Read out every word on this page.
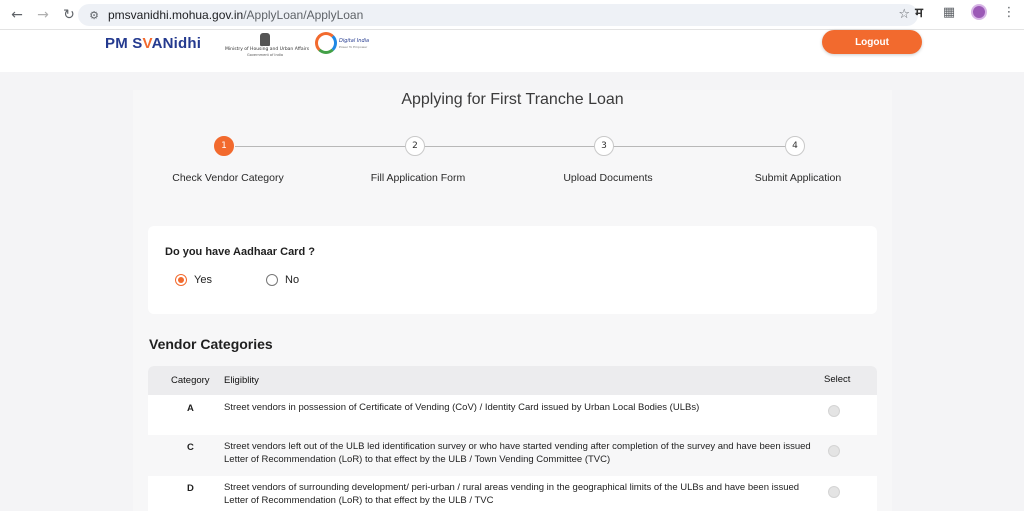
←	→	↻	⚙ pmsvanidhi.mohua.gov.in/ApplyLoan/ApplyLoan	☆ म	▦	⋮
PM SVANidhi	Ministry of Housing and Urban Affairs
Government of India
Digital India
Power To Empower	Logout
Applying for First Tranche Loan
1	2	3	4
Check Vendor Category	Fill Application Form	Upload Documents	Submit Application
Do you have Aadhaar Card ?
Yes	No
Vendor Categories
Category Eligiblity	Select
A	Street vendors in possession of Certificate of Vending (CoV) / Identity Card issued by Urban Local Bodies (ULBs)
C	Street vendors left out of the ULB led identification survey or who have started vending after completion of the survey and have been issued Letter of Recommendation (LoR) to that effect by the ULB / Town Vending Committee (TVC)
D	Street vendors of surrounding development/ peri-urban / rural areas vending in the geographical limits of the ULBs and have been issued Letter of Recommendation (LoR) to that effect by the ULB / TVC
